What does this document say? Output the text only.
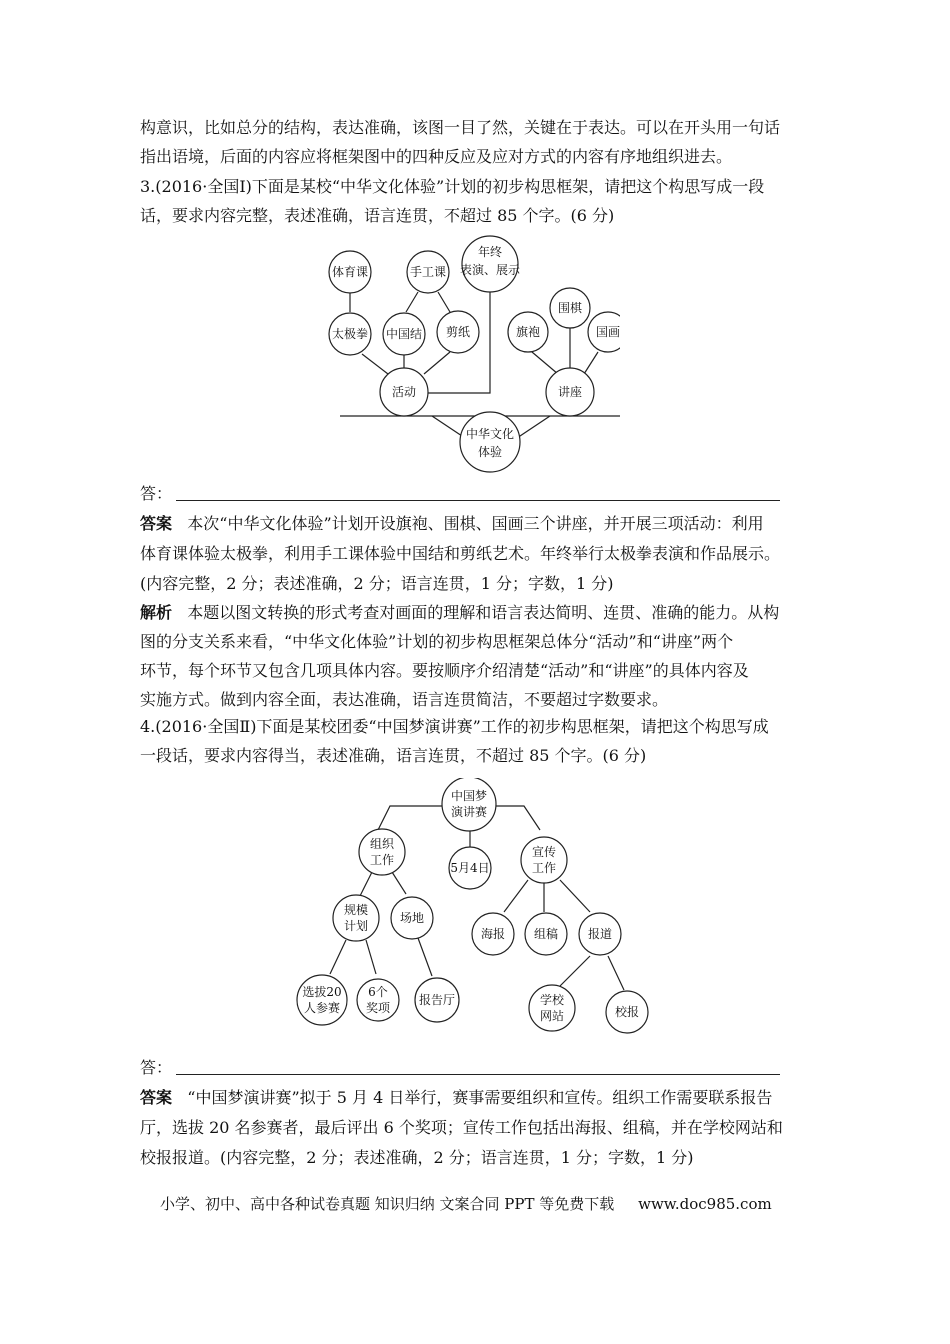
构意识，比如总分的结构，表达准确，该图一目了然，关键在于表达。可以在开头用一句话
指出语境，后面的内容应将框架图中的四种反应及应对方式的内容有序地组织进去。
3.(2016·全国Ⅰ)下面是某校“中华文化体验”计划的初步构思框架，请把这个构思写成一段
话，要求内容完整，表述准确，语言连贯，不超过 85 个字。(6 分)
体育课	手工课
年终
表演、展示
太极拳 中国结 剪纸
活动
旗袍
围棋
国画
讲座
中华文化
体验
答：
答案 本次“中华文化体验”计划开设旗袍、围棋、国画三个讲座，并开展三项活动：利用
体育课体验太极拳，利用手工课体验中国结和剪纸艺术。年终举行太极拳表演和作品展示。
(内容完整，2 分；表述准确，2 分；语言连贯，1 分；字数，1 分)
解析 本题以图文转换的形式考查对画面的理解和语言表达简明、连贯、准确的能力。从构
图的分支关系来看，“中华文化体验”计划的初步构思框架总体分“活动”和“讲座”两个
环节，每个环节又包含几项具体内容。要按顺序介绍清楚“活动”和“讲座”的具体内容及
实施方式。做到内容全面，表达准确，语言连贯简洁，不要超过字数要求。
4.(2016·全国Ⅱ)下面是某校团委“中国梦演讲赛”工作的初步构思框架，请把这个构思写成
一段话，要求内容得当，表述准确，语言连贯，不超过 85 个字。(6 分)
中国梦
演讲赛
组织
工作
5月4日
宣传
工作
规模
计划
场地
海报 组稿 报道
选拔20
人参赛
6个
奖项
报告厅	学校
网站	校报
答：
答案 “中国梦演讲赛”拟于 5 月 4 日举行，赛事需要组织和宣传。组织工作需要联系报告
厅，选拔 20 名参赛者，最后评出 6 个奖项；宣传工作包括出海报、组稿，并在学校网站和
校报报道。(内容完整，2 分；表述准确，2 分；语言连贯，1 分；字数，1 分)
小学、初中、高中各种试卷真题 知识归纳 文案合同 PPT 等免费下载 www.doc985.com
